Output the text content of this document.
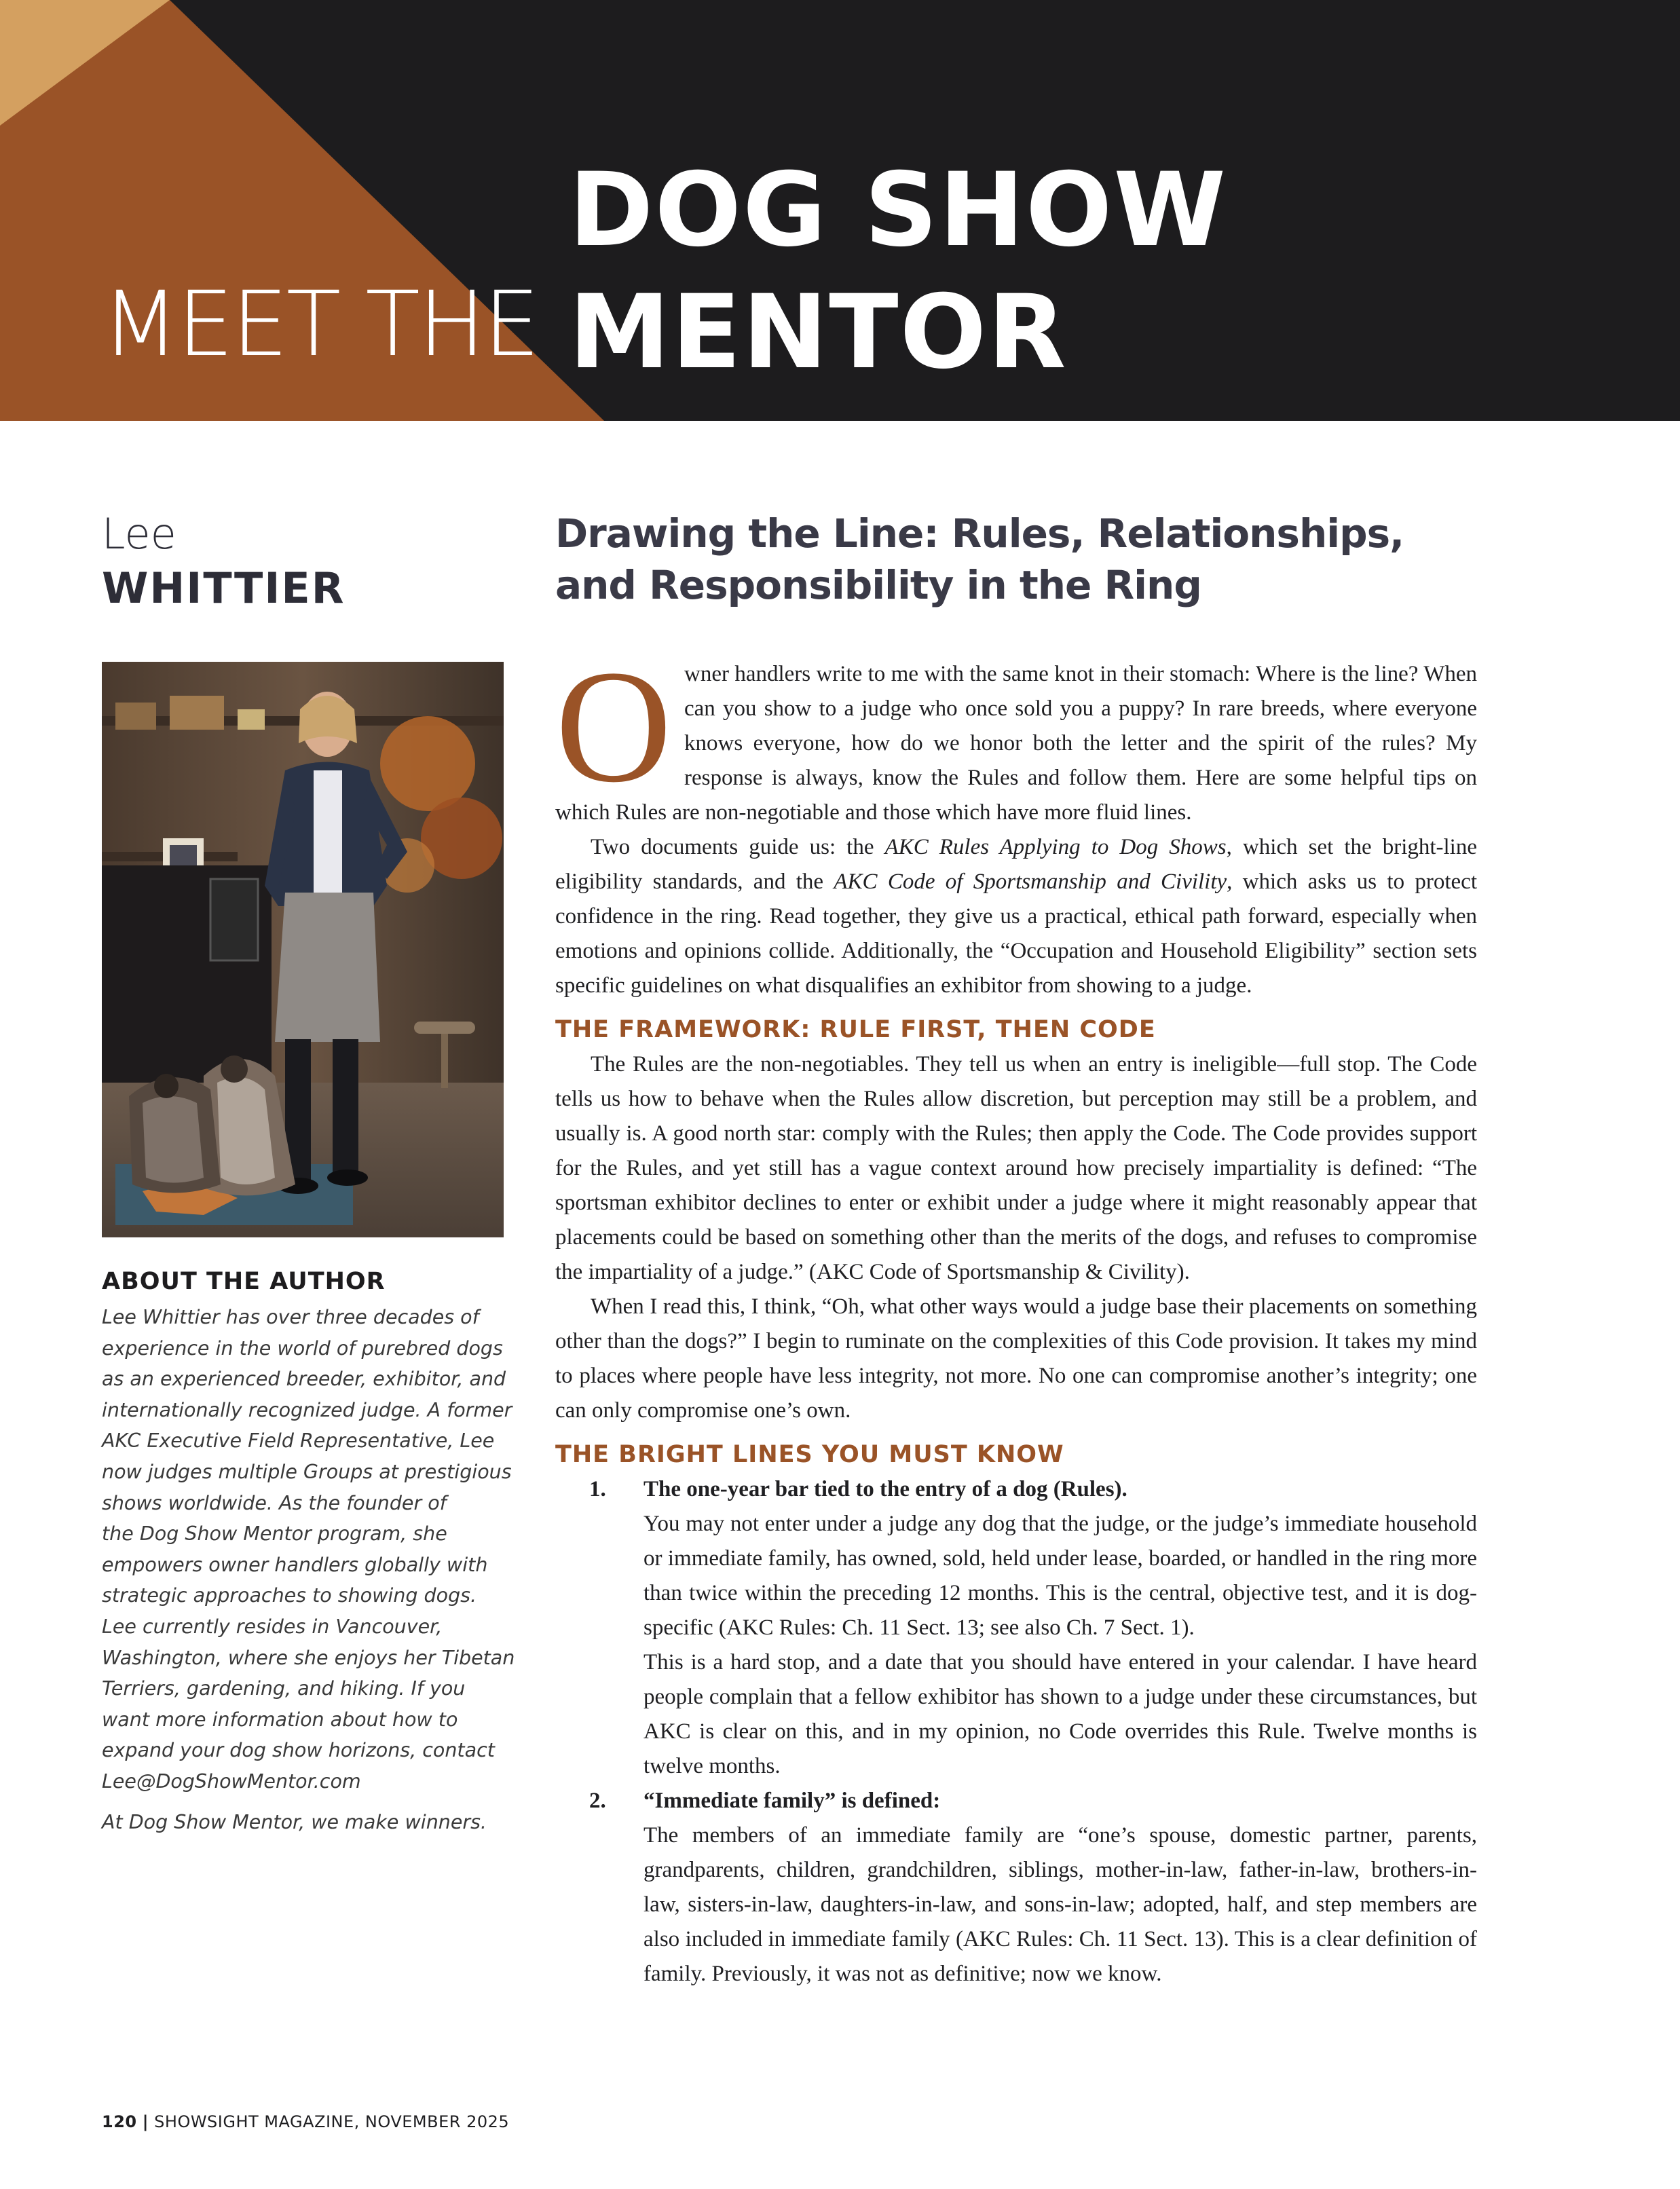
MEET THE
DOG SHOW
MENTOR
Lee
WHITTIER
ABOUT THE AUTHOR
Lee Whittier has over three decades of
experience in the world of purebred dogs
as an experienced breeder, exhibitor, and
internationally recognized judge. A former
AKC Executive Field Representative, Lee
now judges multiple Groups at prestigious
shows worldwide. As the founder of
the Dog Show Mentor program, she
empowers owner handlers globally with
strategic approaches to showing dogs.
Lee currently resides in Vancouver,
Washington, where she enjoys her Tibetan
Terriers, gardening, and hiking. If you
want more information about how to
expand your dog show horizons, contact
Lee@DogShowMentor.com
At Dog Show Mentor, we make winners.
Drawing the Line: Rules, Relationships,
and Responsibility in the Ring
O wner handlers write to me with the same knot in their stomach: Where is the line? When can you show to a judge who once sold you a puppy? In rare breeds, where everyone knows everyone, how do we honor both the letter and the spirit of the rules? My response is always, know the Rules and follow them. Here are some helpful tips on which Rules are non-negotiable and those which have more fluid lines.

Two documents guide us: the AKC Rules Applying to Dog Shows, which set the bright-line eligibility standards, and the AKC Code of Sportsmanship and Civility, which asks us to protect confidence in the ring. Read together, they give us a practical, ethical path forward, especially when emotions and opinions collide. Additionally, the “Occupation and Household Eligibility” section sets specific guidelines on what disqualifies an exhibitor from showing to a judge.

THE FRAMEWORK: RULE FIRST, THEN CODE

The Rules are the non-negotiables. They tell us when an entry is ineligible—full stop. The Code tells us how to behave when the Rules allow discretion, but perception may still be a problem, and usually is. A good north star: comply with the Rules; then apply the Code. The Code provides support for the Rules, and yet still has a vague context around how precisely impartiality is defined: “The sportsman exhibitor declines to enter or exhibit under a judge where it might reasonably appear that placements could be based on something other than the merits of the dogs, and refuses to compromise the impartiality of a judge.” (AKC Code of Sportsmanship & Civility).

When I read this, I think, “Oh, what other ways would a judge base their placements on something other than the dogs?” I begin to ruminate on the complexities of this Code provision. It takes my mind to places where people have less integrity, not more. No one can compromise another’s integrity; one can only compromise one’s own.

THE BRIGHT LINES YOU MUST KNOW
1. The one-year bar tied to the entry of a dog (Rules).

You may not enter under a judge any dog that the judge, or the judge’s immediate household or immediate family, has owned, sold, held under lease, boarded, or handled in the ring more than twice within the preceding 12 months. This is the central, objective test, and it is dog-specific (AKC Rules: Ch. 11 Sect. 13; see also Ch. 7 Sect. 1).

This is a hard stop, and a date that you should have entered in your calendar. I have heard people complain that a fellow exhibitor has shown to a judge under these circumstances, but AKC is clear on this, and in my opinion, no Code overrides this Rule. Twelve months is twelve months.

2. “Immediate family” is defined:

The members of an immediate family are “one’s spouse, domestic partner, parents, grandparents, children, grandchildren, siblings, mother-in-law, father-in-law, brothers-in-law, sisters-in-law, daughters-in-law, and sons-in-law; adopted, half, and step members are also included in immediate family (AKC Rules: Ch. 11 Sect. 13). This is a clear definition of family. Previously, it was not as definitive; now we know.

120 | SHOWSIGHT MAGAZINE, NOVEMBER 2025
